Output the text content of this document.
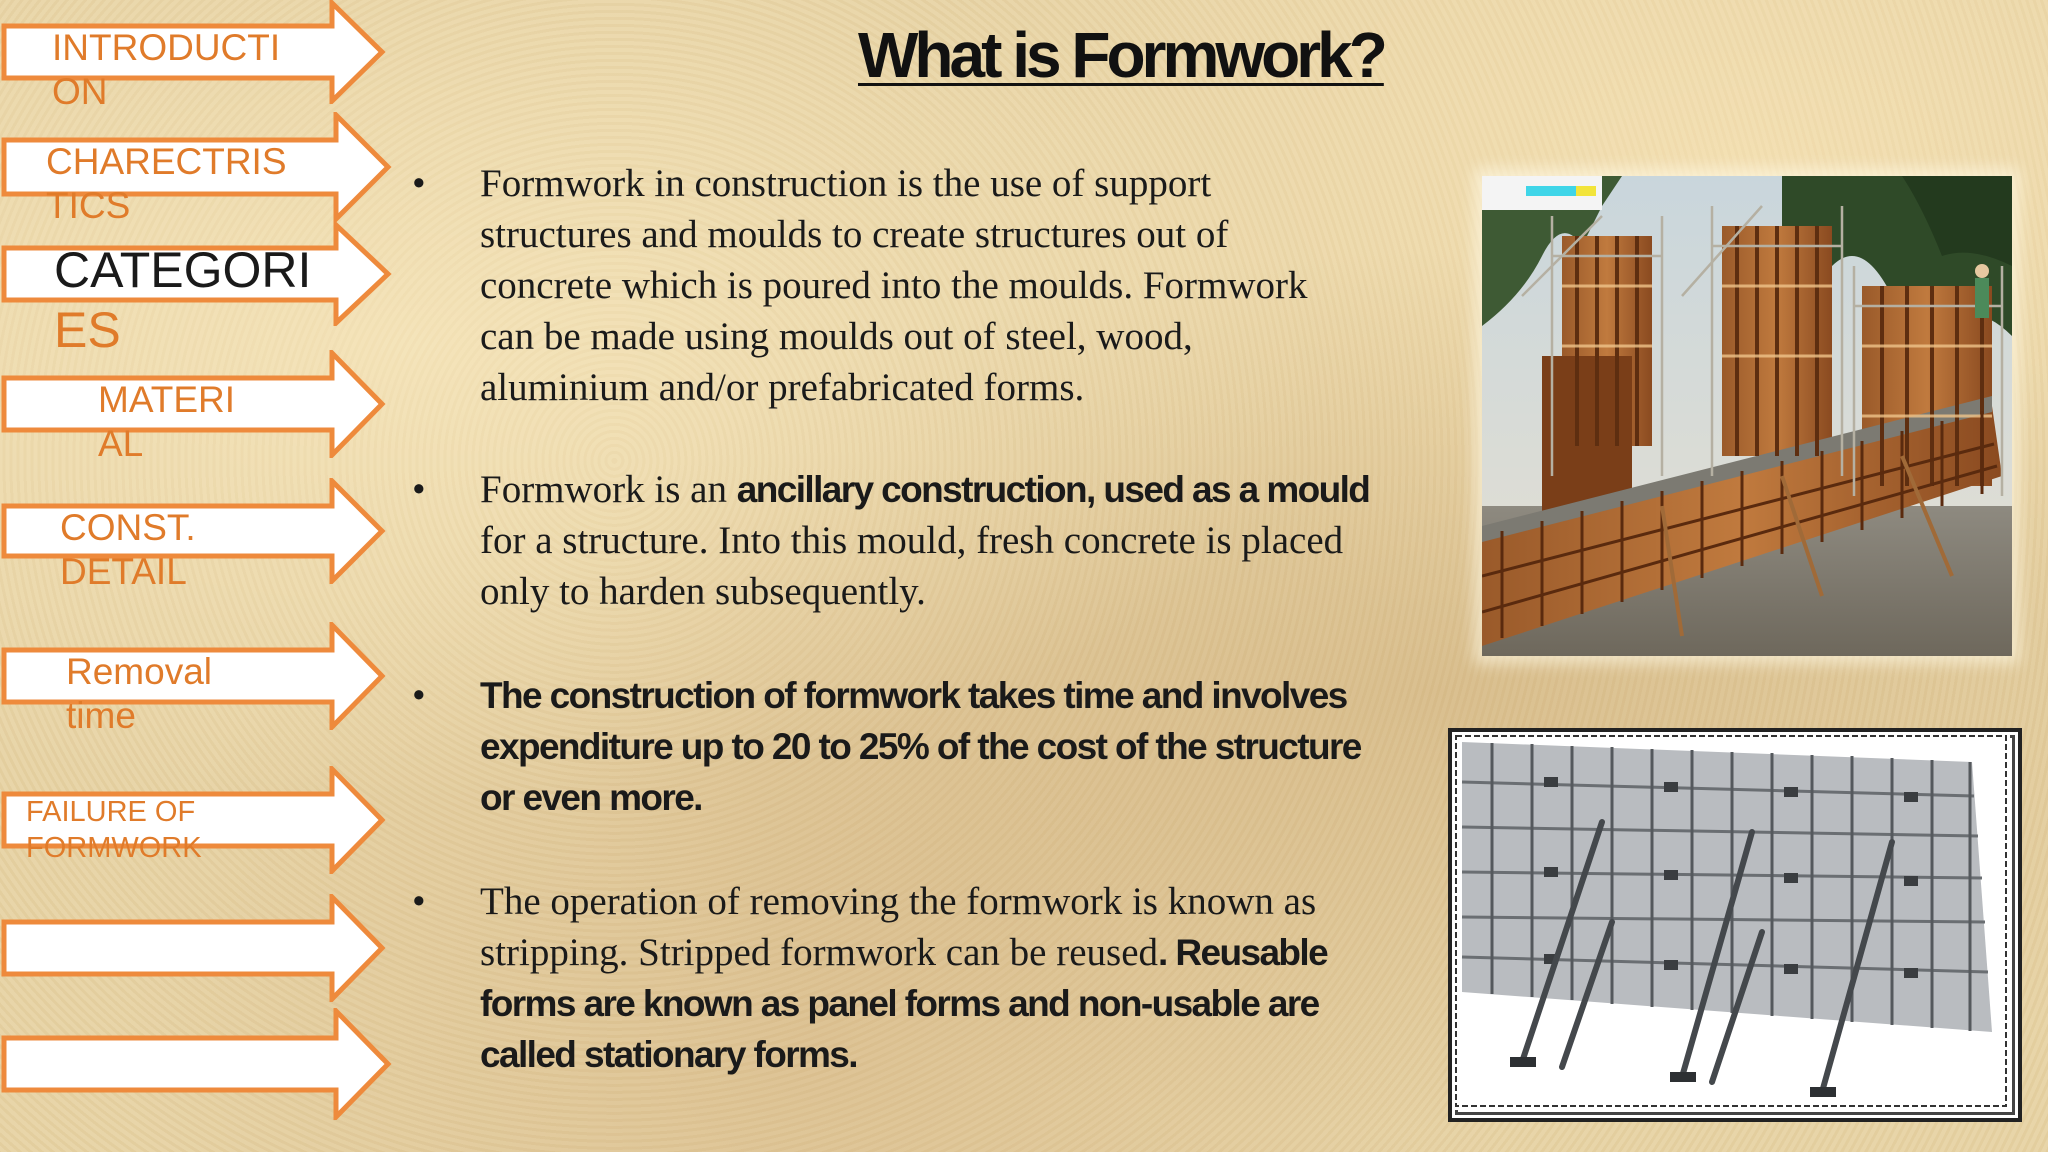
INTRODUCTI
ON
CHARECTRIS
TICS
CATEGORI
ES
MATERI
AL
CONST.
DETAIL
Removal
time
FAILURE OF
FORMWORK
What is Formwork?
• Formwork in construction is the use of support
structures and moulds to create structures out of
concrete which is poured into the moulds. Formwork
can be made using moulds out of steel, wood,
aluminium and/or prefabricated forms.
• Formwork is an ancillary construction, used as a mould
for a structure. Into this mould, fresh concrete is placed
only to harden subsequently.
• The construction of formwork takes time and involves
expenditure up to 20 to 25% of the cost of the structure
or even more.
• The operation of removing the formwork is known as
stripping. Stripped formwork can be reused. Reusable
forms are known as panel forms and non-usable are
called stationary forms.
